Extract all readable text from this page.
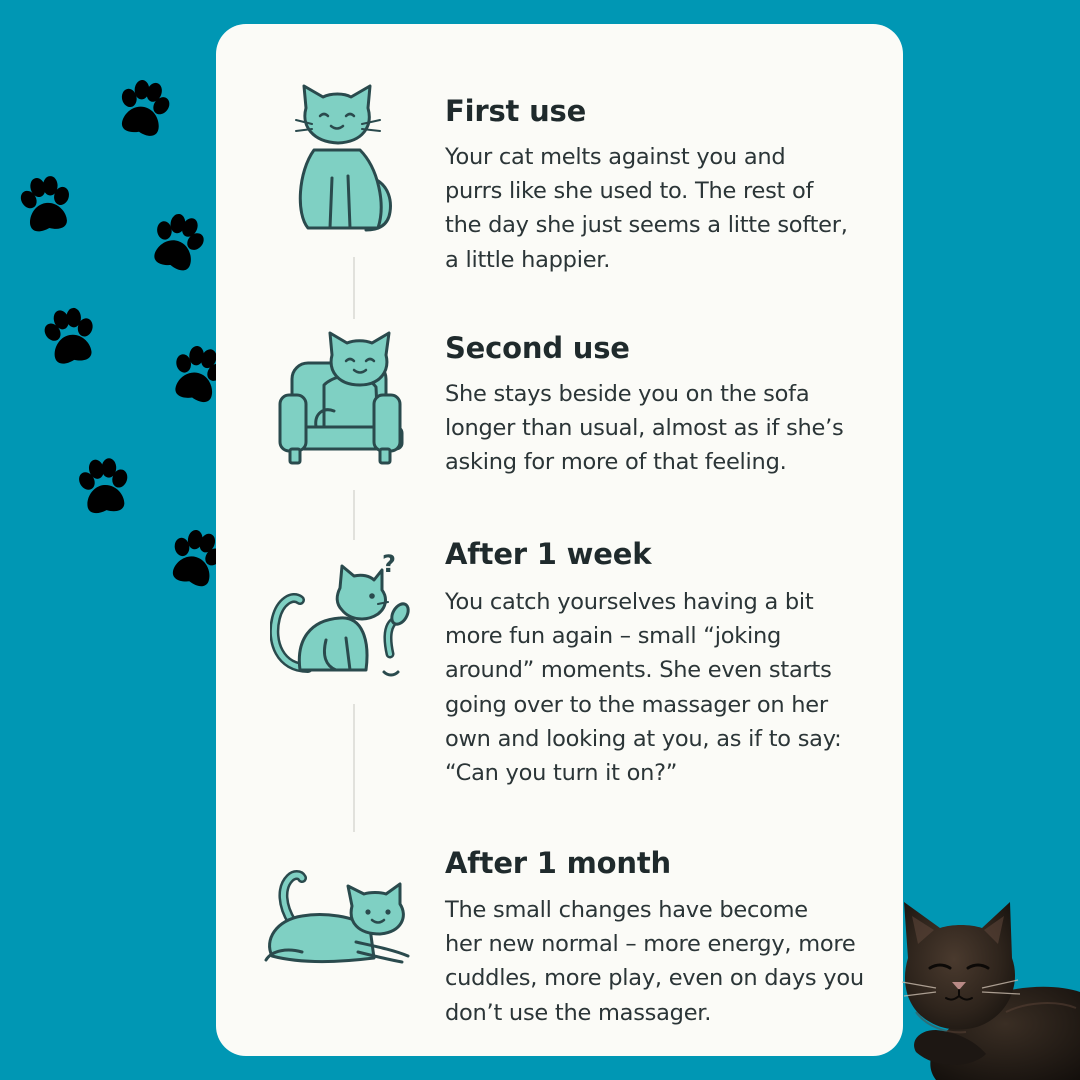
First use

Your cat melts against you and
purrs like she used to. The rest of
the day she just seems a litte softer,
a little happier.

Second use

She stays beside you on the sofa
longer than usual, almost as if she’s
asking for more of that feeling.

? After 1 week

You catch yourselves having a bit
more fun again – small “joking
around” moments. She even starts
going over to the massager on her
own and looking at you, as if to say:
“Can you turn it on?”

After 1 month

The small changes have become
her new normal – more energy, more
cuddles, more play, even on days you
don’t use the massager.
